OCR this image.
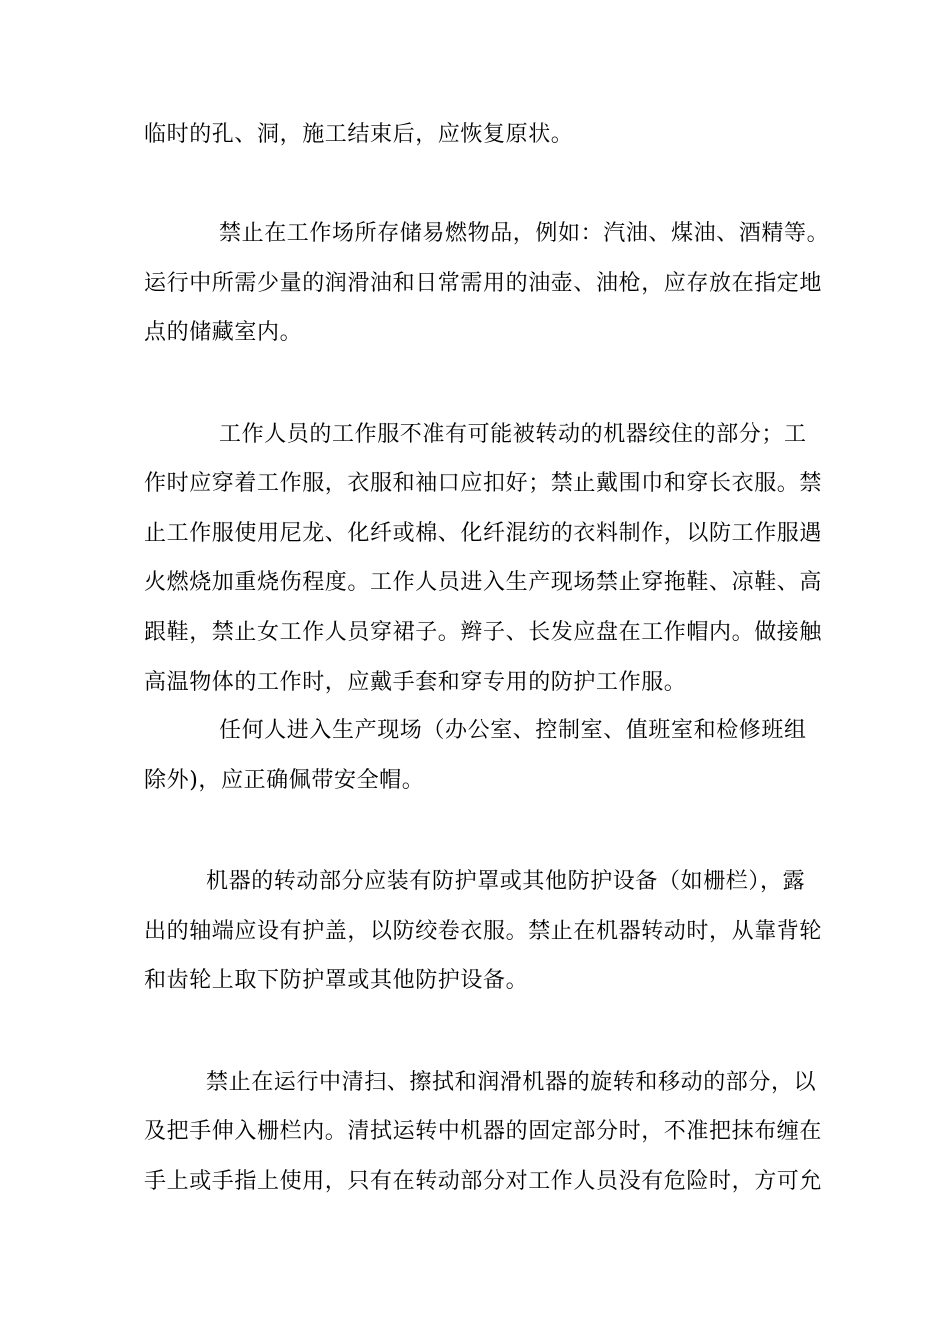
临时的孔、洞，施工结束后，应恢复原状。
禁止在工作场所存储易燃物品，例如：汽油、煤油、酒精等。
运行中所需少量的润滑油和日常需用的油壶、油枪，应存放在指定地
点的储藏室内。
工作人员的工作服不准有可能被转动的机器绞住的部分；工
作时应穿着工作服，衣服和袖口应扣好；禁止戴围巾和穿长衣服。禁
止工作服使用尼龙、化纤或棉、化纤混纺的衣料制作，以防工作服遇
火燃烧加重烧伤程度。工作人员进入生产现场禁止穿拖鞋、凉鞋、高
跟鞋，禁止女工作人员穿裙子。辫子、长发应盘在工作帽内。做接触
高温物体的工作时，应戴手套和穿专用的防护工作服。
任何人进入生产现场（办公室、控制室、值班室和检修班组
除外)，应正确佩带安全帽。
机器的转动部分应装有防护罩或其他防护设备（如栅栏），露
出的轴端应设有护盖，以防绞卷衣服。禁止在机器转动时，从靠背轮
和齿轮上取下防护罩或其他防护设备。
禁止在运行中清扫、擦拭和润滑机器的旋转和移动的部分，以
及把手伸入栅栏内。清拭运转中机器的固定部分时，不准把抹布缠在
手上或手指上使用，只有在转动部分对工作人员没有危险时，方可允
